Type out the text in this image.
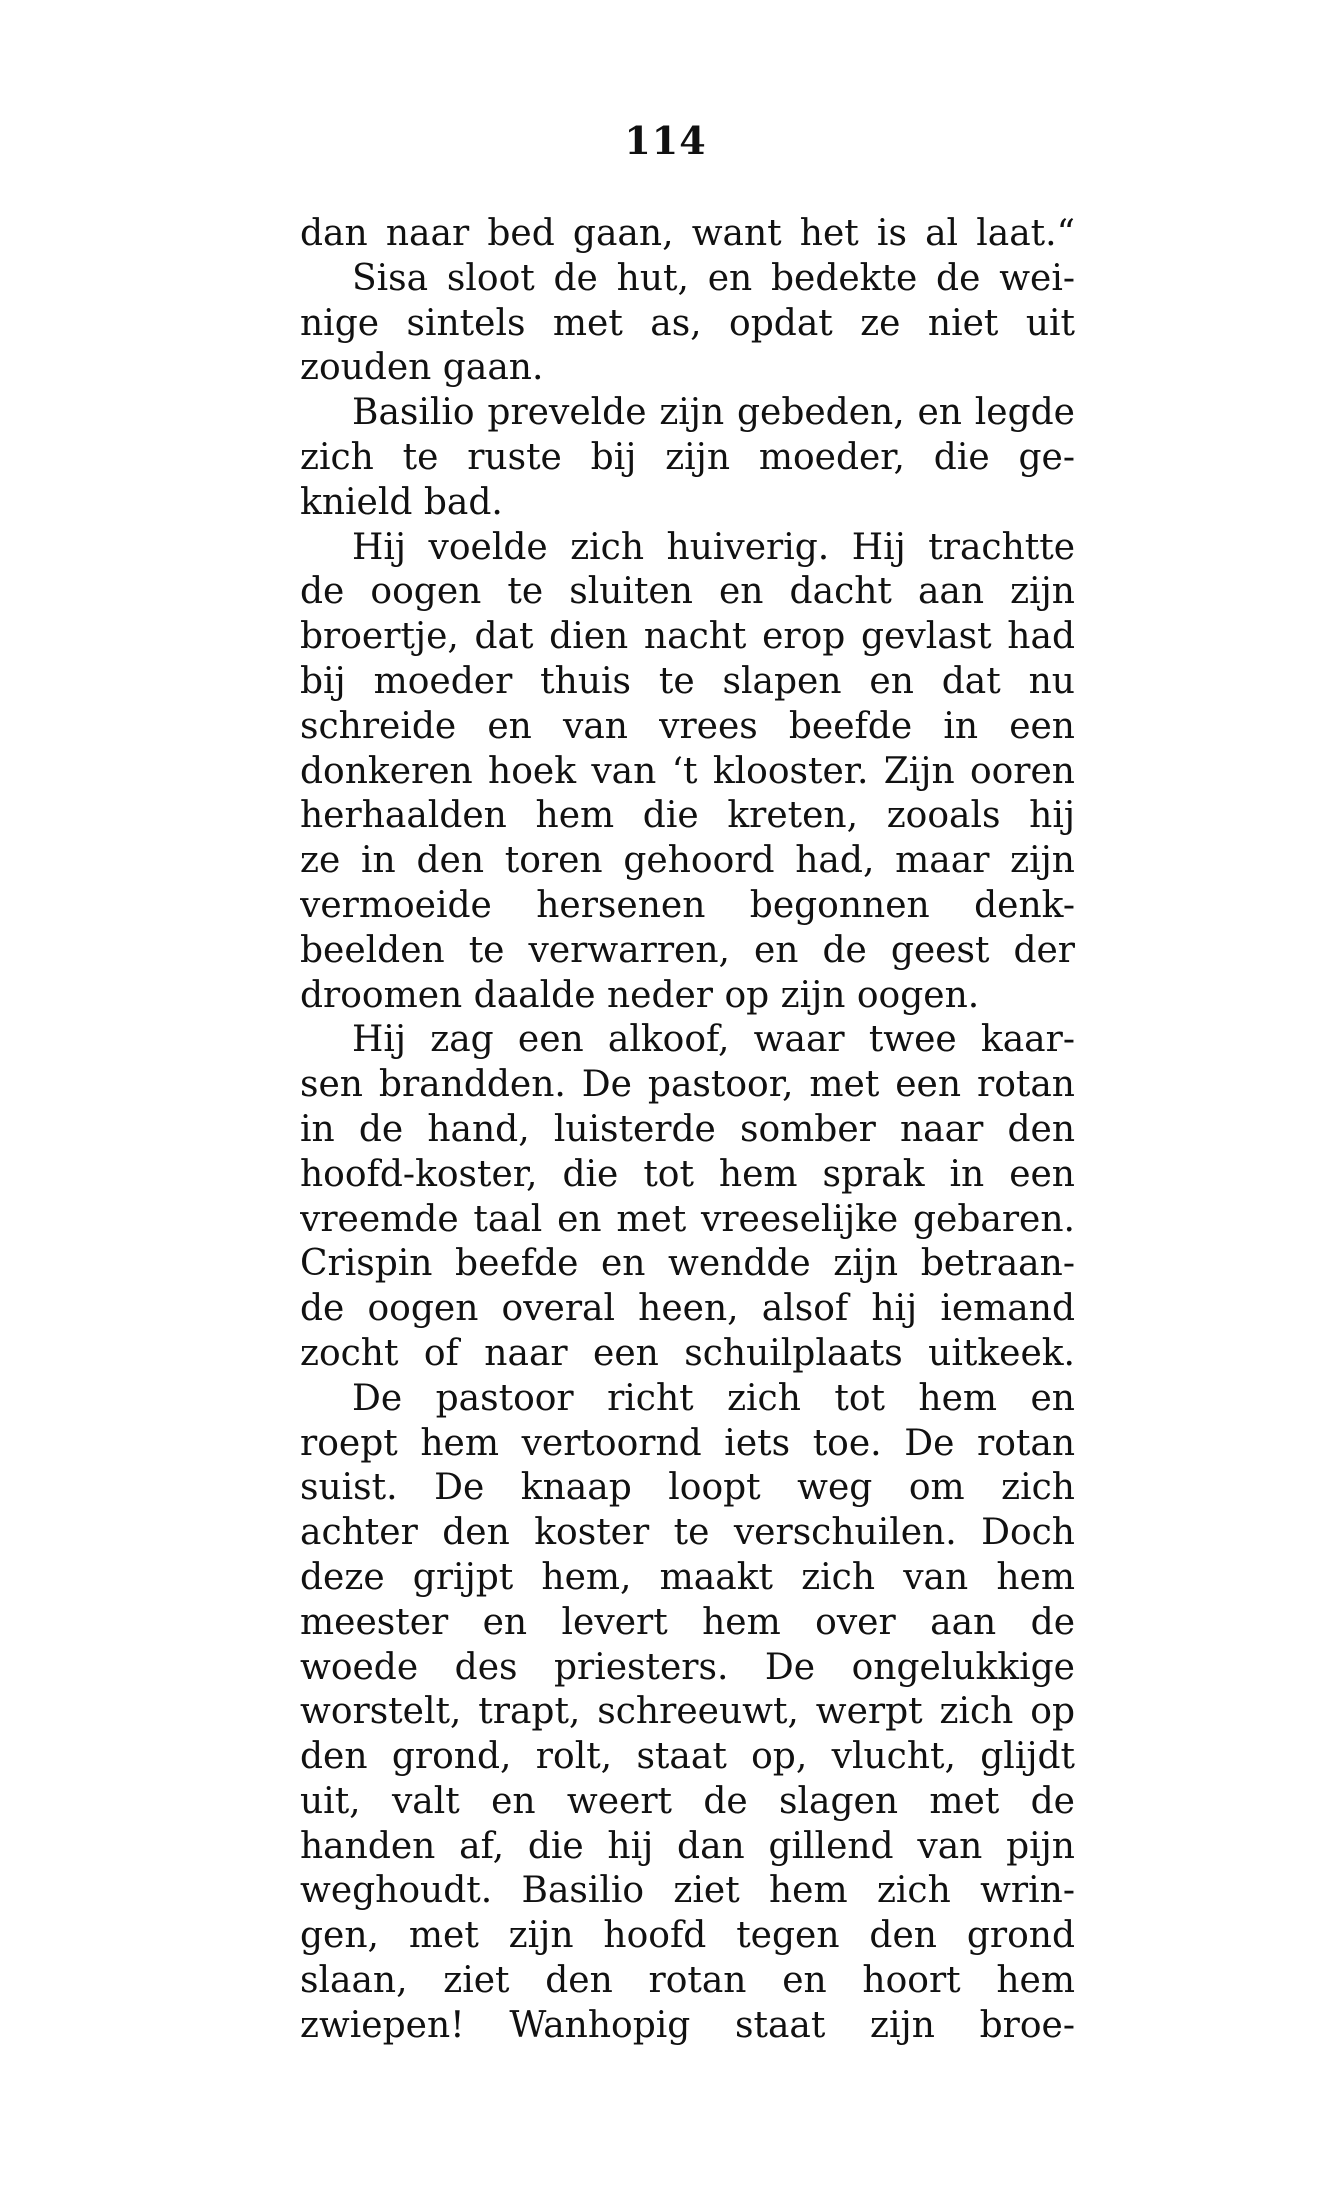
114
dan naar bed gaan, want het is al laat.“
Sisa sloot de hut, en bedekte de wei-
nige sintels met as, opdat ze niet uit
zouden gaan.
Basilio prevelde zijn gebeden, en legde
zich te ruste bij zijn moeder, die ge-
knield bad.
Hij voelde zich huiverig. Hij trachtte
de oogen te sluiten en dacht aan zijn
broertje, dat dien nacht erop gevlast had
bij moeder thuis te slapen en dat nu
schreide en van vrees beefde in een
donkeren hoek van ‘t klooster. Zijn ooren
herhaalden hem die kreten, zooals hij
ze in den toren gehoord had, maar zijn
vermoeide hersenen begonnen denk-
beelden te verwarren, en de geest der
droomen daalde neder op zijn oogen.
Hij zag een alkoof, waar twee kaar-
sen brandden. De pastoor, met een rotan
in de hand, luisterde somber naar den
hoofd-koster, die tot hem sprak in een
vreemde taal en met vreeselijke gebaren.
Crispin beefde en wendde zijn betraan-
de oogen overal heen, alsof hij iemand
zocht of naar een schuilplaats uitkeek.
De pastoor richt zich tot hem en
roept hem vertoornd iets toe. De rotan
suist. De knaap loopt weg om zich
achter den koster te verschuilen. Doch
deze grijpt hem, maakt zich van hem
meester en levert hem over aan de
woede des priesters. De ongelukkige
worstelt, trapt, schreeuwt, werpt zich op
den grond, rolt, staat op, vlucht, glijdt
uit, valt en weert de slagen met de
handen af, die hij dan gillend van pijn
weghoudt. Basilio ziet hem zich wrin-
gen, met zijn hoofd tegen den grond
slaan, ziet den rotan en hoort hem
zwiepen! Wanhopig staat zijn broe-
